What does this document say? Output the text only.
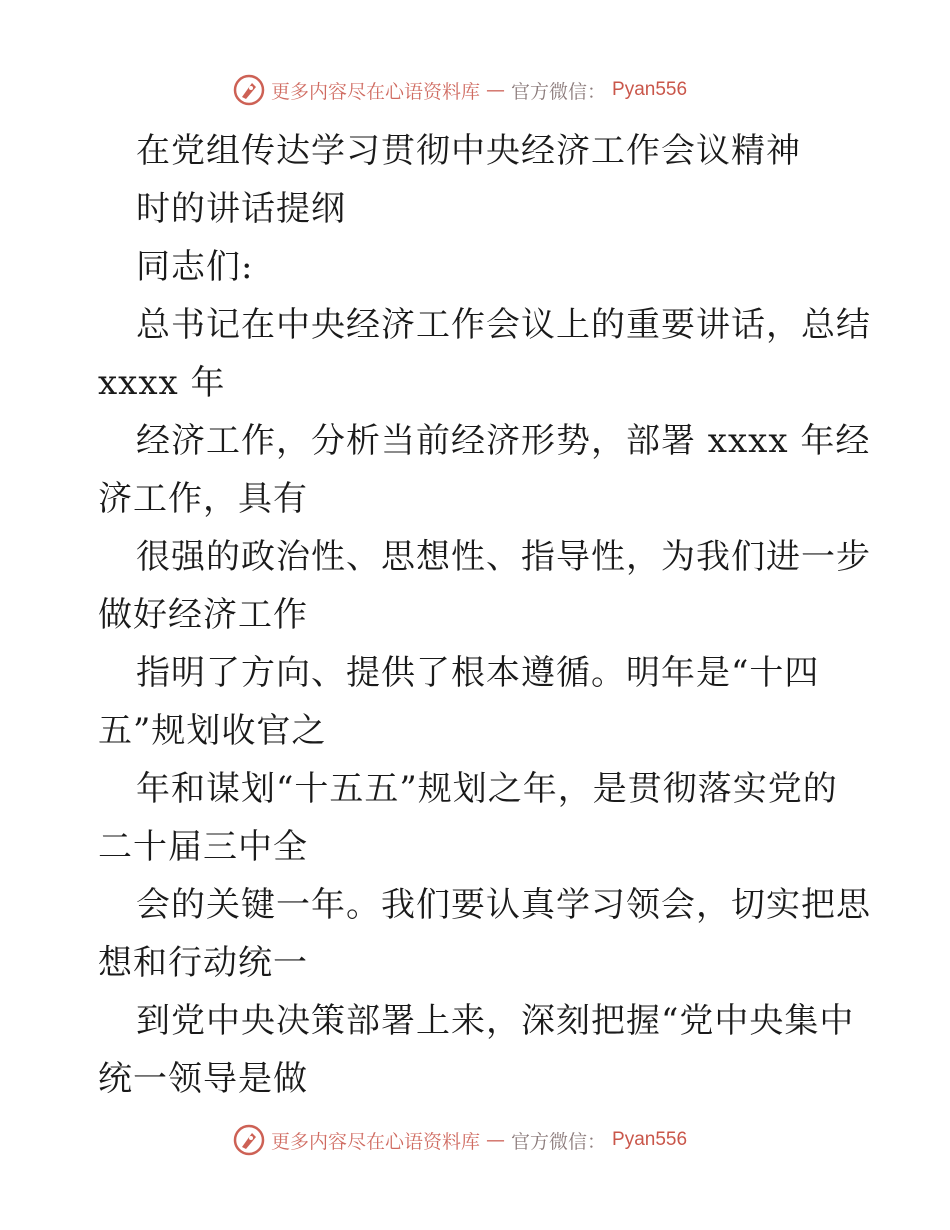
更多内容尽在心语资料库 — 官方微信： Pyan556
在党组传达学习贯彻中央经济工作会议精神
时的讲话提纲
同志们:
总书记在中央经济工作会议上的重要讲话，总结
xxxx 年
经济工作，分析当前经济形势，部署 xxxx 年经
济工作，具有
很强的政治性、思想性、指导性，为我们进一步
做好经济工作
指明了方向、提供了根本遵循。明年是“十四
五”规划收官之
年和谋划“十五五”规划之年，是贯彻落实党的
二十届三中全
会的关键一年。我们要认真学习领会，切实把思
想和行动统一
到党中央决策部署上来，深刻把握“党中央集中
统一领导是做
更多内容尽在心语资料库 — 官方微信： Pyan556
